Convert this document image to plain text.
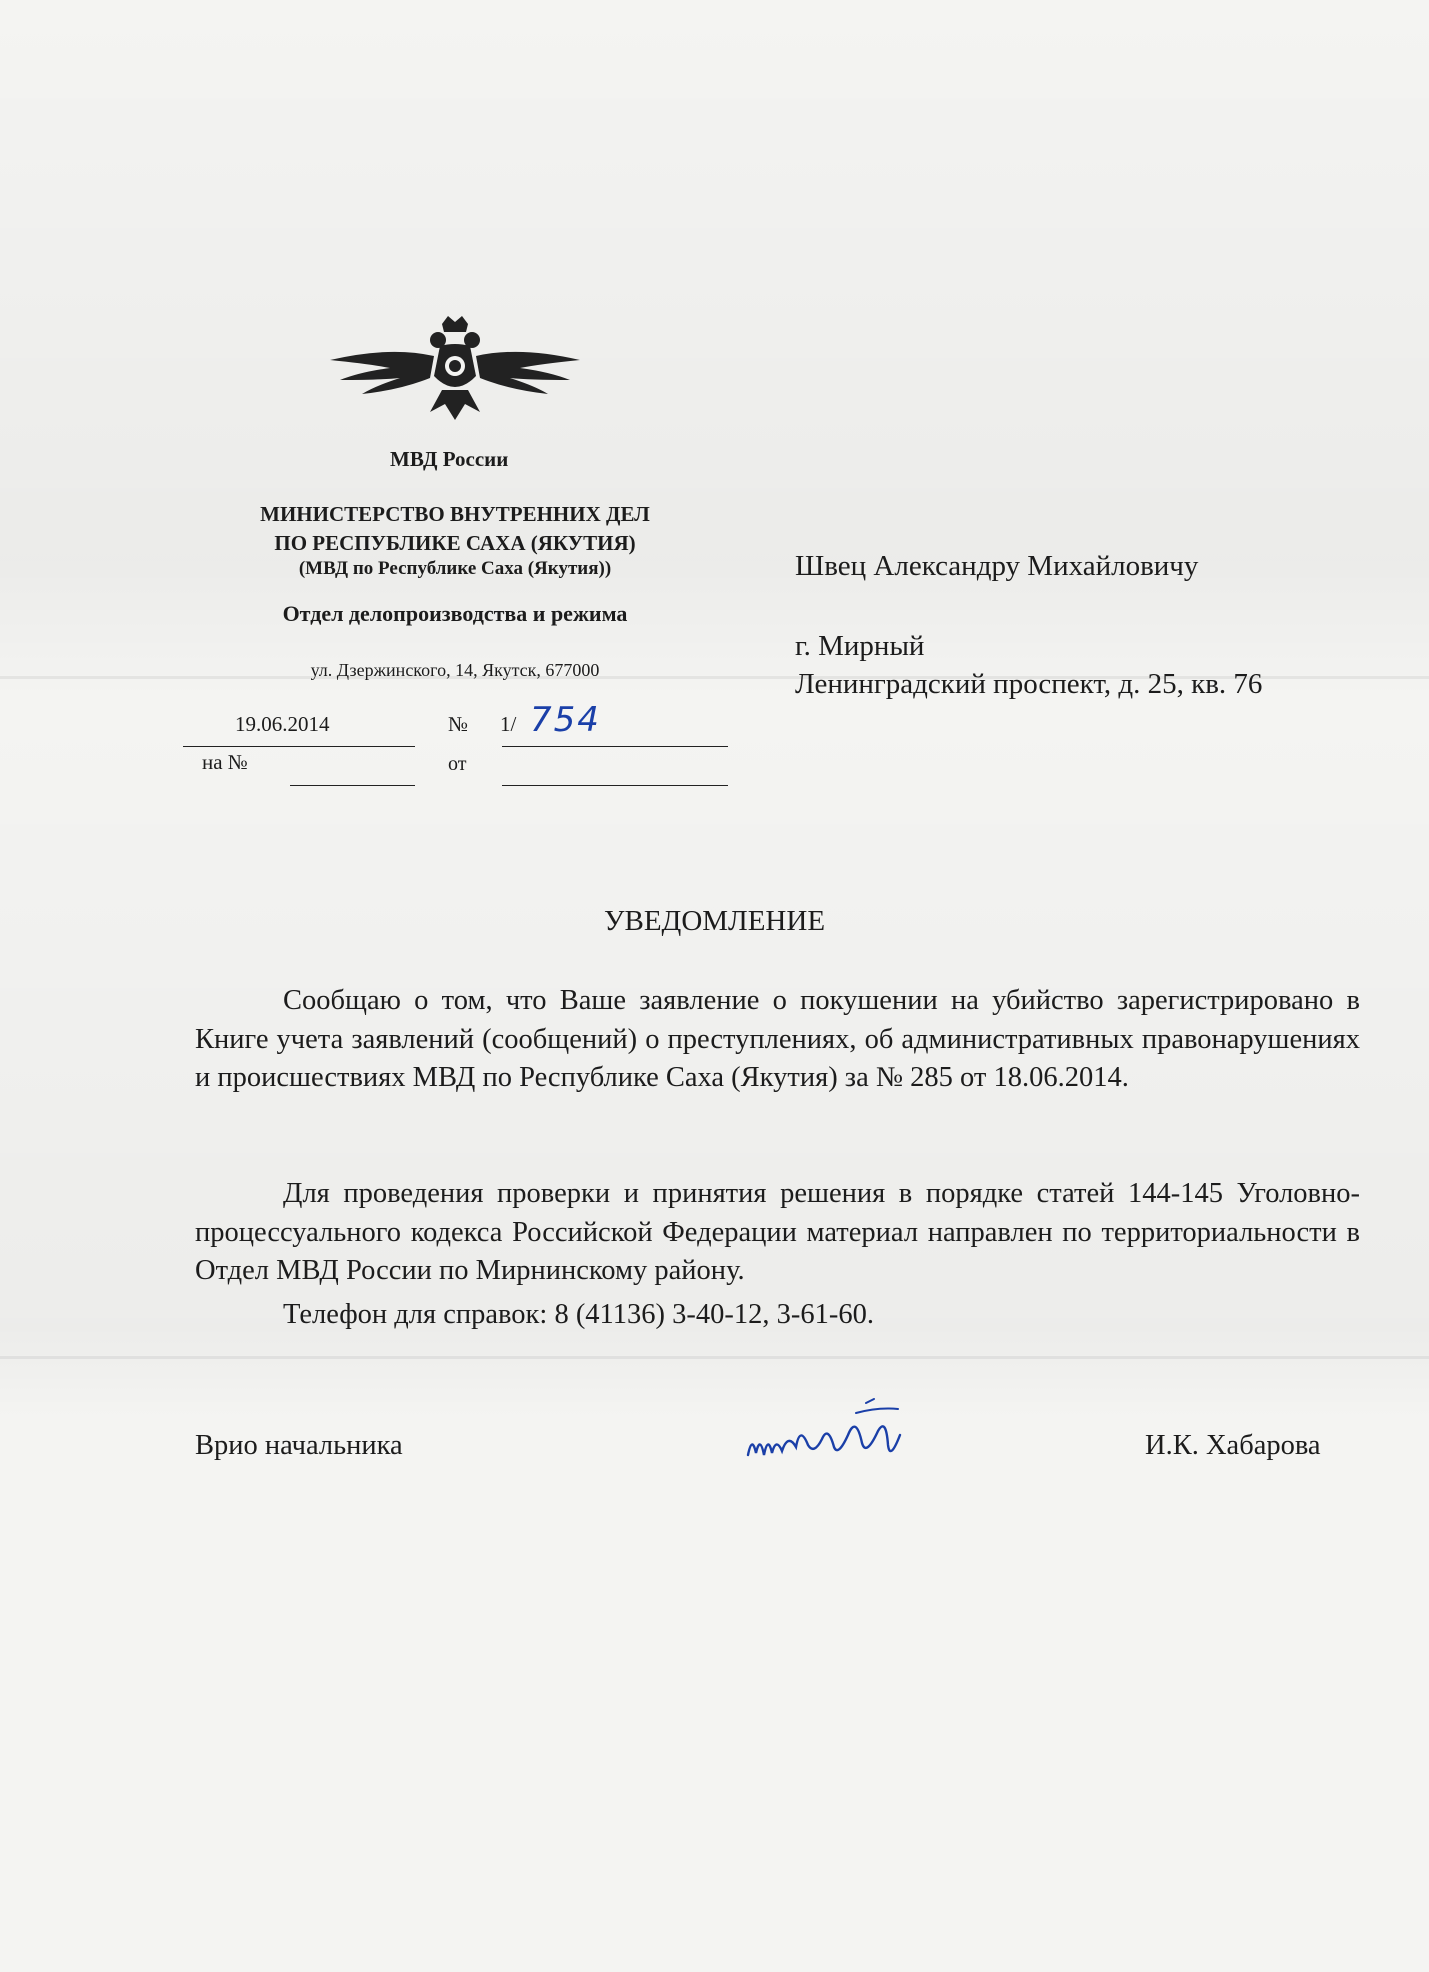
МВД России
МИНИСТЕРСТВО ВНУТРЕННИХ ДЕЛ
ПО РЕСПУБЛИКЕ САХА (ЯКУТИЯ)
(МВД по Республике Саха (Якутия))
Отдел делопроизводства и режима
ул. Дзержинского, 14, Якутск, 677000
19.06.2014	№ 1/ 754
на №	от
Швец Александру Михайловичу
г. Мирный
Ленинградский проспект, д. 25, кв. 76
УВЕДОМЛЕНИЕ

Сообщаю о том, что Ваше заявление о покушении на убийство зарегистрировано в Книге учета заявлений (сообщений) о преступлениях, об административных правонарушениях и происшествиях МВД по Республике Саха (Якутия) за № 285 от 18.06.2014.

Для проведения проверки и принятия решения в порядке статей 144-145 Уголовно-процессуального кодекса Российской Федерации материал направлен по территориальности в Отдел МВД России по Мирнинскому району.

Телефон для справок: 8 (41136) 3-40-12, 3-61-60.

Врио начальника	И.К. Хабарова
